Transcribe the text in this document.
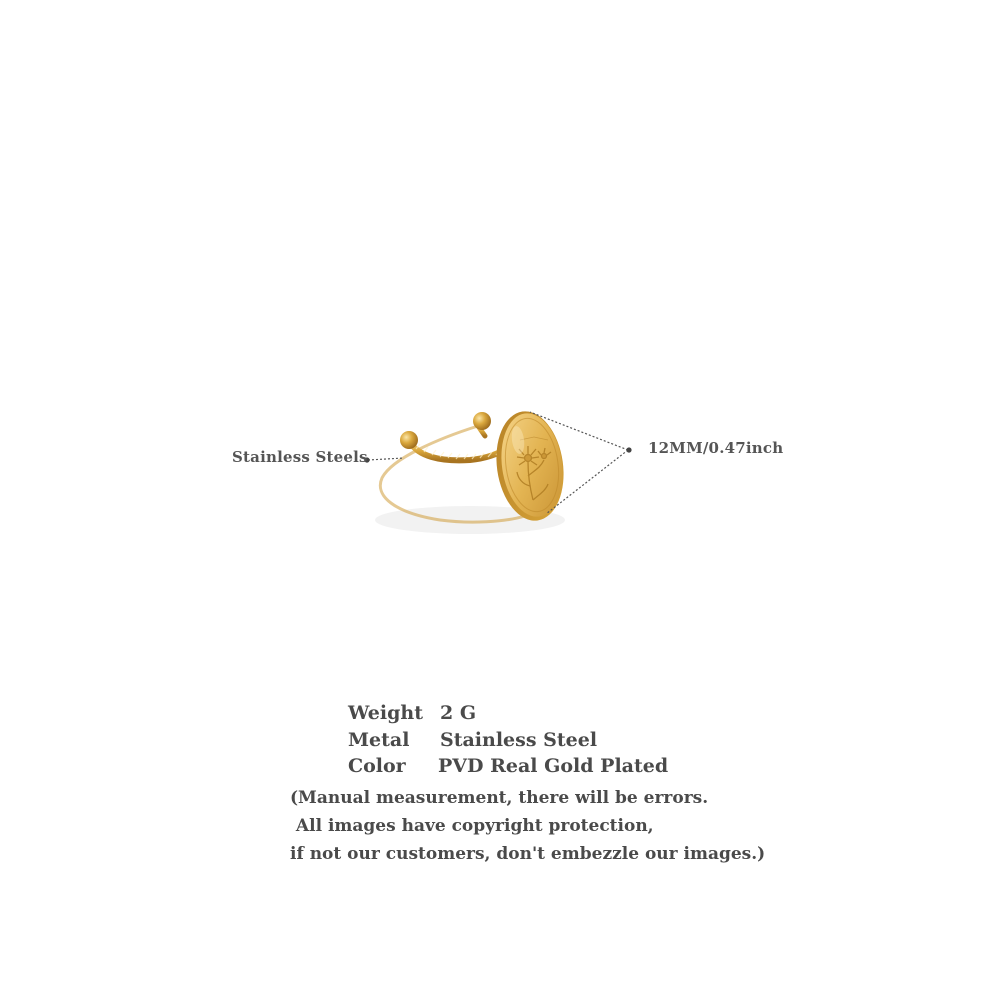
Stainless Steels	12MM/0.47inch
Weight 2 G
Metal Stainless Steel
Color PVD Real Gold Plated
(Manual measurement, there will be errors.
All images have copyright protection,
if not our customers, don't embezzle our images.)
